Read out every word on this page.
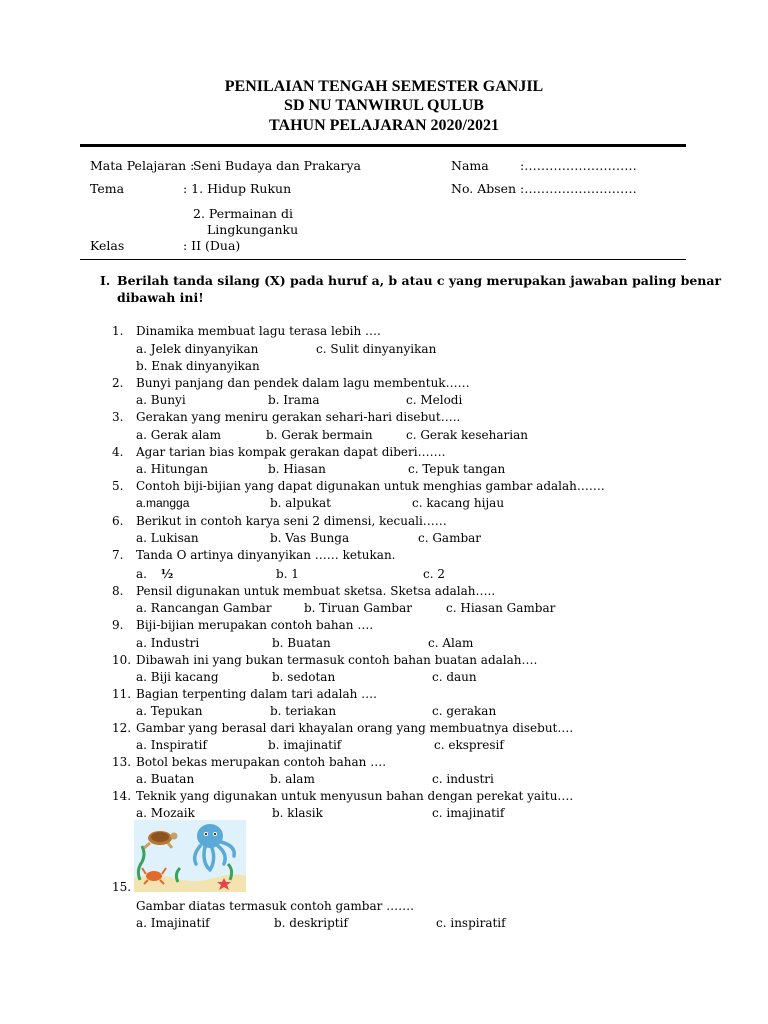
PENILAIAN TENGAH SEMESTER GANJIL
SD NU TANWIRUL QULUB
TAHUN PELAJARAN 2020/2021
Mata Pelajaran :
Seni Budaya dan Prakarya	Nama	:………………………
Tema	: 1. Hidup Rukun	No. Absen :………………………
2. Permainan di
Lingkunganku
Kelas	: II (Dua)
I. Berilah tanda silang (X) pada huruf a, b atau c yang merupakan jawaban paling benar
dibawah ini!
1. Dinamika membuat lagu terasa lebih ….
a. Jelek dinyanyikan	c. Sulit dinyanyikan
b. Enak dinyanyikan
2. Bunyi panjang dan pendek dalam lagu membentuk……
a. Bunyi	b. Irama	c. Melodi
3. Gerakan yang meniru gerakan sehari-hari disebut…..
a. Gerak alam	b. Gerak bermain	c. Gerak keseharian
4. Agar tarian bias kompak gerakan dapat diberi…….
a. Hitungan	b. Hiasan	c. Tepuk tangan
5. Contoh biji-bijian yang dapat digunakan untuk menghias gambar adalah…….
a.mangga	b. alpukat	c. kacang hijau
6. Berikut in contoh karya seni 2 dimensi, kecuali……
a. Lukisan	b. Vas Bunga	c. Gambar
7. Tanda O artinya dinyanyikan …… ketukan.
a. ½	b. 1	c. 2
8. Pensil digunakan untuk membuat sketsa. Sketsa adalah…..
a. Rancangan Gambar	b. Tiruan Gambar	c. Hiasan Gambar
9. Biji-bijian merupakan contoh bahan ….
a. Industri	b. Buatan	c. Alam
10. Dibawah ini yang bukan termasuk contoh bahan buatan adalah….
a. Biji kacang	b. sedotan	c. daun
11. Bagian terpenting dalam tari adalah ….
a. Tepukan	b. teriakan	c. gerakan
12. Gambar yang berasal dari khayalan orang yang membuatnya disebut….
a. Inspiratif	b. imajinatif	c. ekspresif
13. Botol bekas merupakan contoh bahan ….
a. Buatan	b. alam	c. industri
14. Teknik yang digunakan untuk menyusun bahan dengan perekat yaitu….
a. Mozaik	b. klasik	c. imajinatif
15.
Gambar diatas termasuk contoh gambar …….
a. Imajinatif	b. deskriptif	c. inspiratif
